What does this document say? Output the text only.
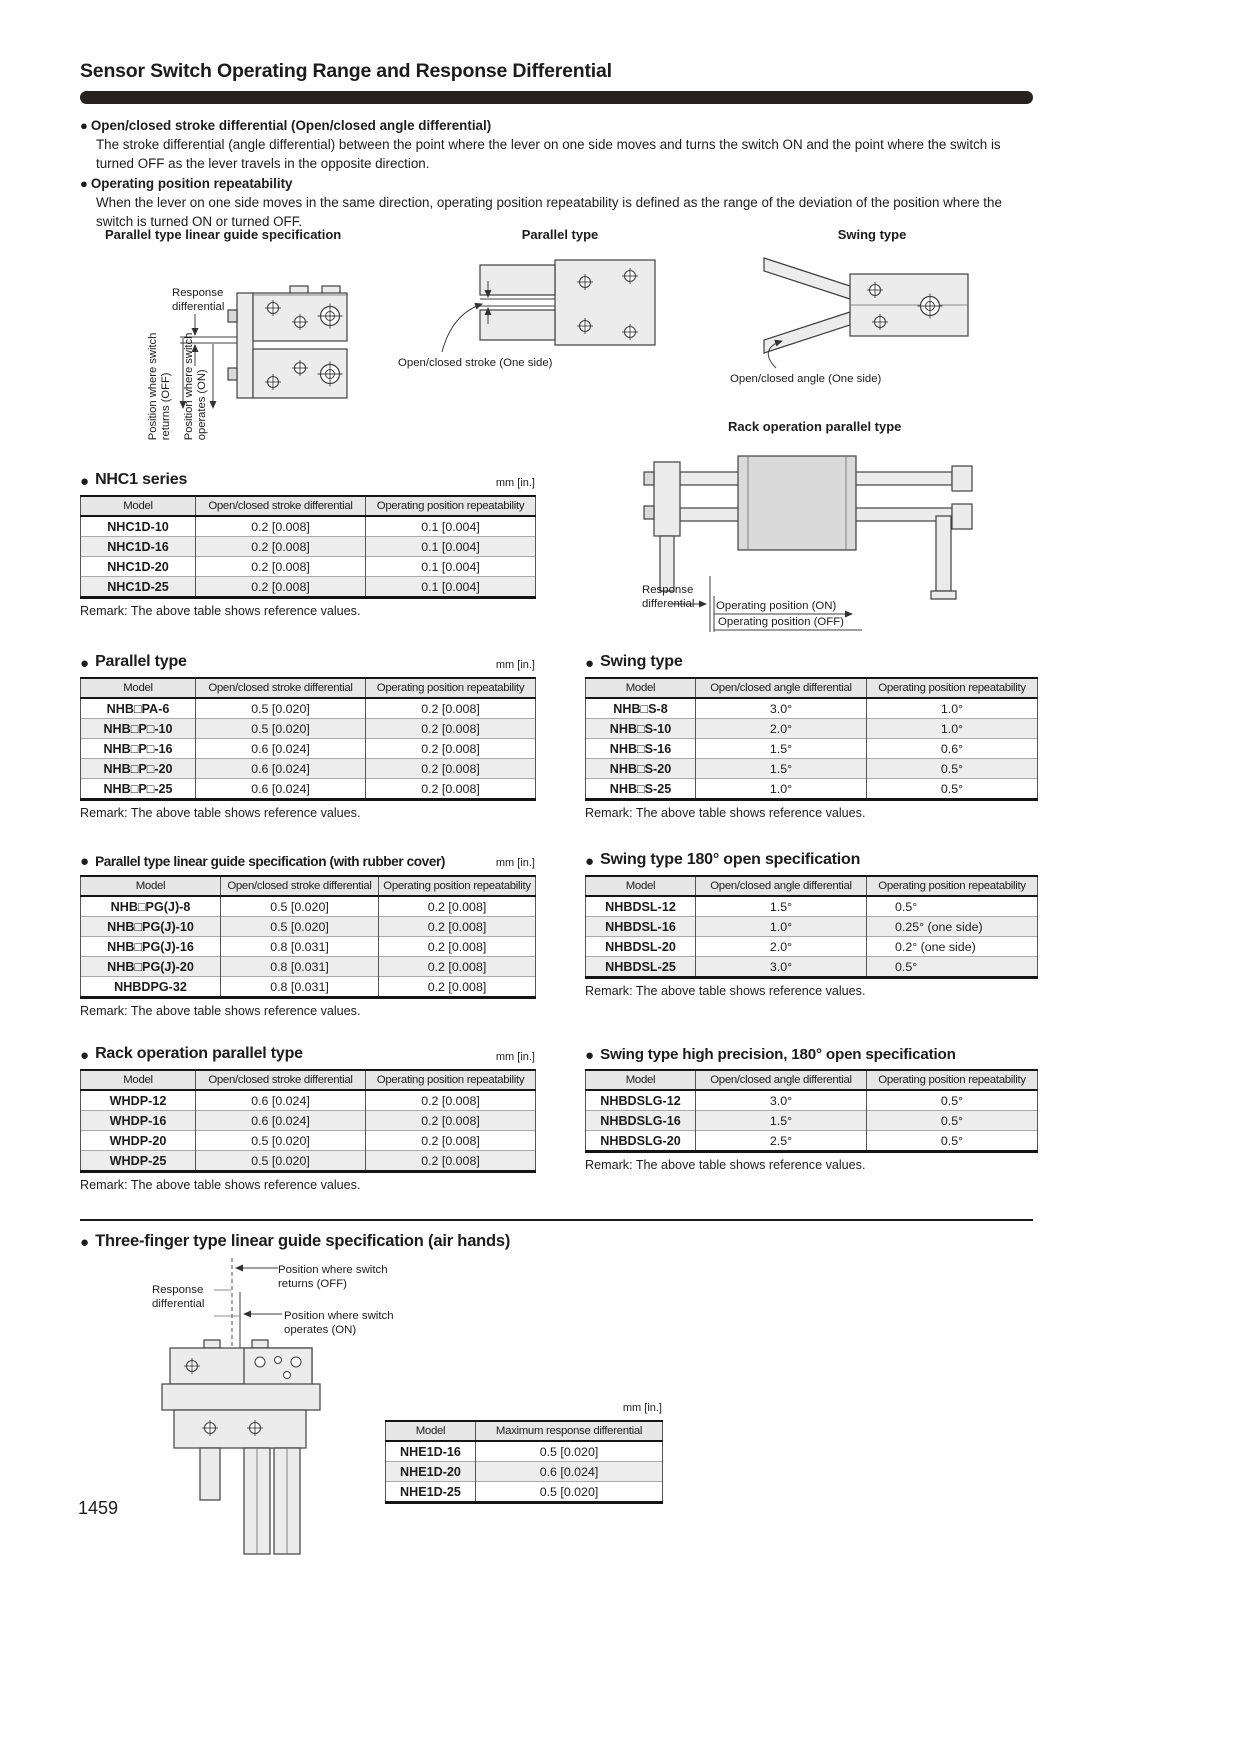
Sensor Switch Operating Range and Response Differential
● Open/closed stroke differential (Open/closed angle differential)
The stroke differential (angle differential) between the point where the lever on one side moves and turns the switch ON and the point where the switch is turned OFF as the lever travels in the opposite direction.
● Operating position repeatability
When the lever on one side moves in the same direction, operating position repeatability is defined as the range of the deviation of the position where the switch is turned ON or turned OFF.
Parallel type linear guide specification	Parallel type	Swing type
Rack operation parallel type
Response differential
Position where switch returns (OFF) Position where switch operates (ON)
Open/closed stroke (One side)
Open/closed angle (One side)
Response differential	Operating position (ON)
Operating position (OFF)
● NHC1 series	mm [in.]
Model	Open/closed stroke differential	Operating position repeatability
NHC1D-10	0.2 [0.008]	0.1 [0.004]
NHC1D-16	0.2 [0.008]	0.1 [0.004]
NHC1D-20	0.2 [0.008]	0.1 [0.004]
NHC1D-25	0.2 [0.008]	0.1 [0.004]
Remark: The above table shows reference values.
● Parallel type	mm [in.]
Model	Open/closed stroke differential	Operating position repeatability
NHB□PA-6	0.5 [0.020]	0.2 [0.008]
NHB□P□-10	0.5 [0.020]	0.2 [0.008]
NHB□P□-16	0.6 [0.024]	0.2 [0.008]
NHB□P□-20	0.6 [0.024]	0.2 [0.008]
NHB□P□-25	0.6 [0.024]	0.2 [0.008]
Remark: The above table shows reference values.
● Swing type
Model	Open/closed angle differential	Operating position repeatability
NHB□S-8	3.0°	1.0°
NHB□S-10	2.0°	1.0°
NHB□S-16	1.5°	0.6°
NHB□S-20	1.5°	0.5°
NHB□S-25	1.0°	0.5°
Remark: The above table shows reference values.
● Parallel type linear guide specification (with rubber cover)	mm [in.]
Model	Open/closed stroke differential	Operating position repeatability
NHB□PG(J)-8	0.5 [0.020]	0.2 [0.008]
NHB□PG(J)-10	0.5 [0.020]	0.2 [0.008]
NHB□PG(J)-16	0.8 [0.031]	0.2 [0.008]
NHB□PG(J)-20	0.8 [0.031]	0.2 [0.008]
NHBDPG-32	0.8 [0.031]	0.2 [0.008]
Remark: The above table shows reference values.
● Swing type 180° open specification
Model	Open/closed angle differential	Operating position repeatability
NHBDSL-12	1.5°	0.5°
NHBDSL-16	1.0°	0.25° (one side)
NHBDSL-20	2.0°	0.2° (one side)
NHBDSL-25	3.0°	0.5°
Remark: The above table shows reference values.
● Rack operation parallel type	mm [in.]
Model	Open/closed stroke differential	Operating position repeatability
WHDP-12	0.6 [0.024]	0.2 [0.008]
WHDP-16	0.6 [0.024]	0.2 [0.008]
WHDP-20	0.5 [0.020]	0.2 [0.008]
WHDP-25	0.5 [0.020]	0.2 [0.008]
Remark: The above table shows reference values.
● Swing type high precision, 180° open specification
Model	Open/closed angle differential	Operating position repeatability
NHBDSLG-12	3.0°	0.5°
NHBDSLG-16	1.5°	0.5°
NHBDSLG-20	2.5°	0.5°
Remark: The above table shows reference values.
● Three-finger type linear guide specification (air hands)
Response differential
Position where switch returns (OFF)
Position where switch operates (ON)
mm [in.]
Model	Maximum response differential
NHE1D-16	0.5 [0.020]
NHE1D-20	0.6 [0.024]
NHE1D-25	0.5 [0.020]
1459
